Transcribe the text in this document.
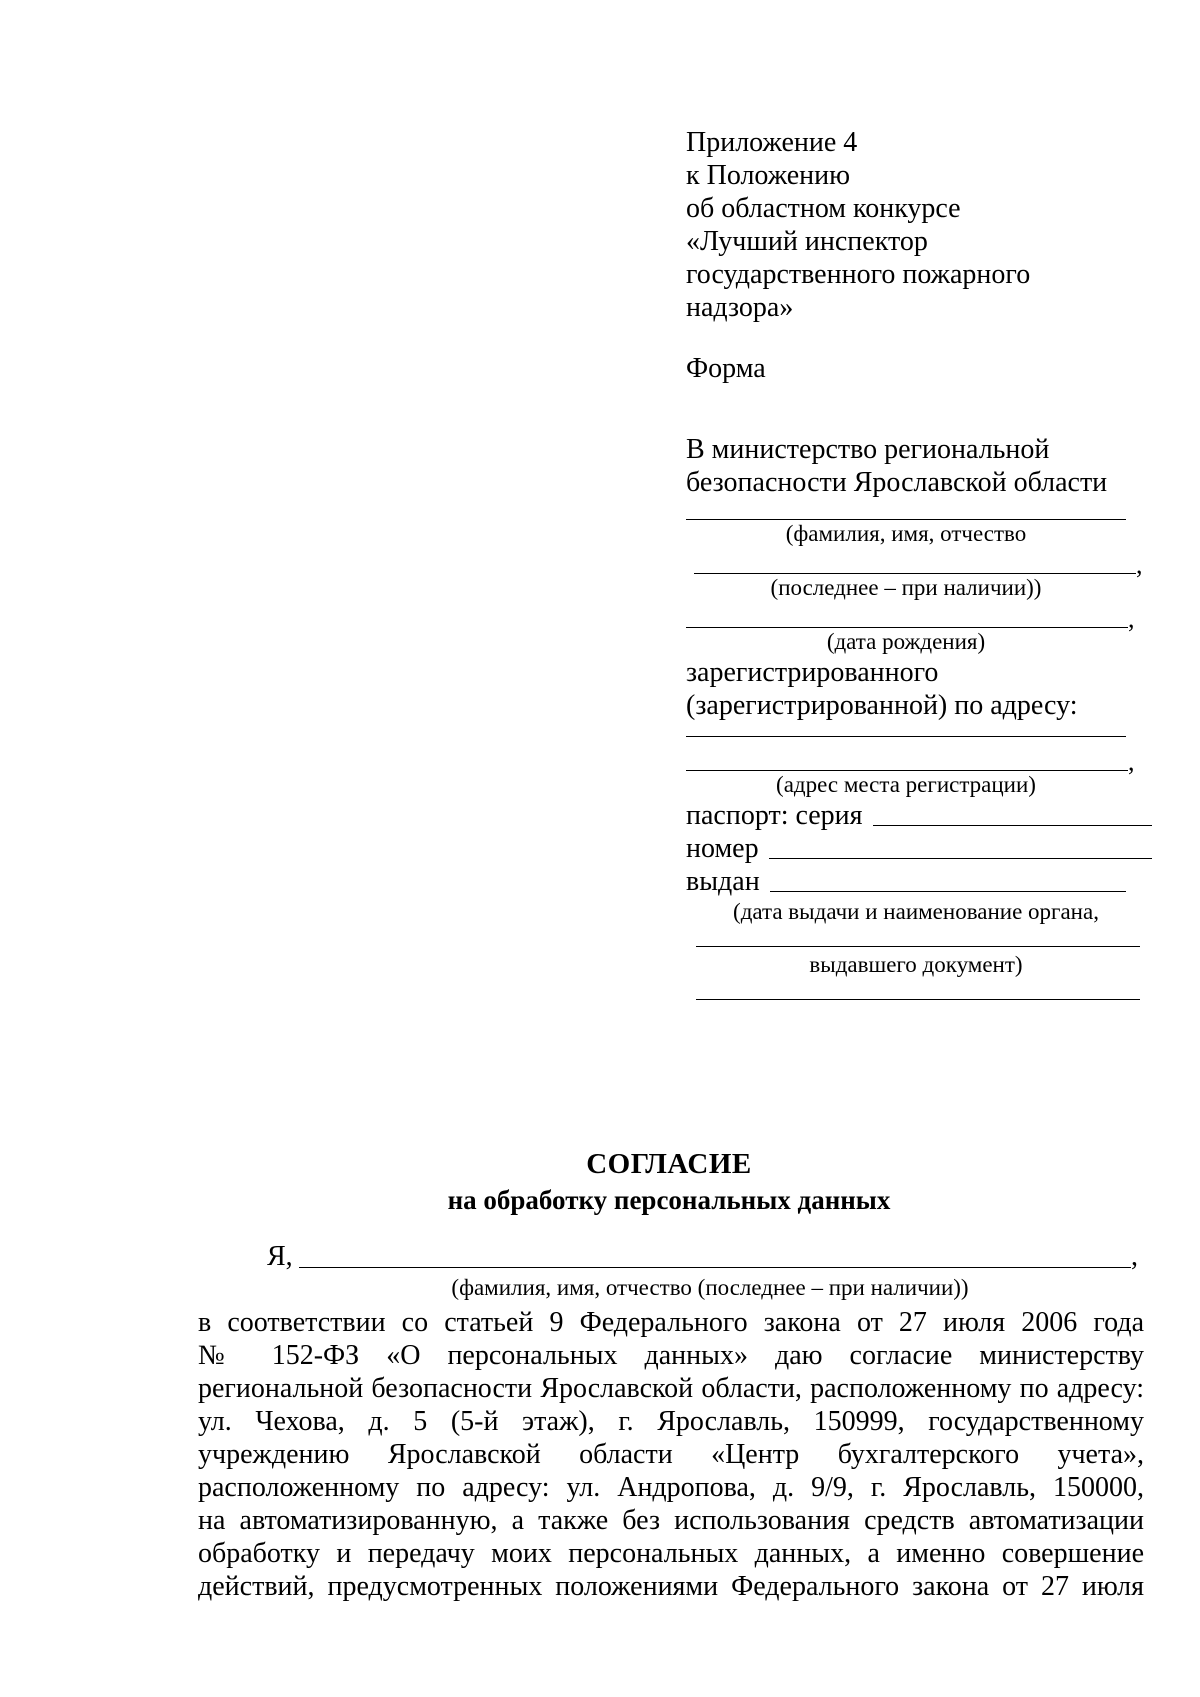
Приложение 4
к Положению
об областном конкурсе
«Лучший инспектор
государственного пожарного
надзора»
Форма
В министерство региональной
безопасности Ярославской области
(фамилия, имя, отчество
,
(последнее – при наличии))
,
(дата рождения)
зарегистрированного
(зарегистрированной) по адресу:
,
(адрес места регистрации)
паспорт: серия
номер
выдан
(дата выдачи и наименование органа,
выдавшего документ)
СОГЛАСИЕ
на обработку персональных данных
Я,	,
(фамилия, имя, отчество (последнее – при наличии))
в соответствии со статьей 9 Федерального закона от 27 июля 2006 года
№ 152-ФЗ «О персональных данных» даю согласие министерству
региональной безопасности Ярославской области, расположенному по адресу:
ул. Чехова, д. 5 (5-й этаж), г. Ярославль, 150999, государственному
учреждению Ярославской области «Центр бухгалтерского учета»,
расположенному по адресу: ул. Андропова, д. 9/9, г. Ярославль, 150000,
на автоматизированную, а также без использования средств автоматизации
обработку и передачу моих персональных данных, а именно совершение
действий, предусмотренных положениями Федерального закона от 27 июля
